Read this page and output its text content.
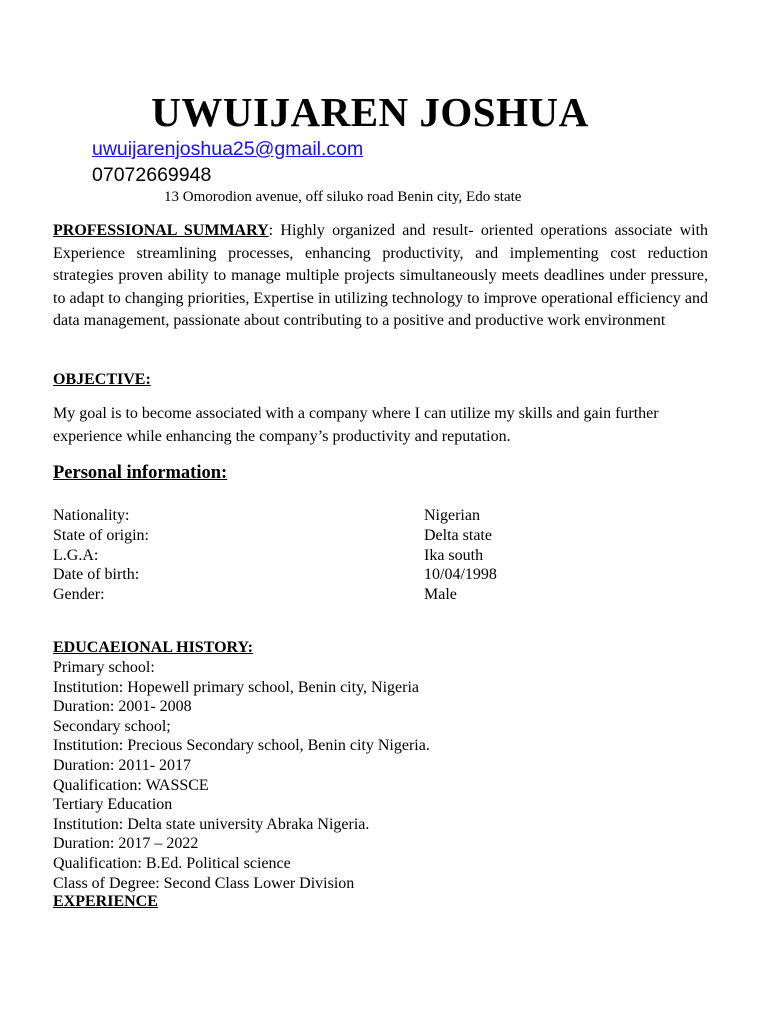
UWUIJAREN JOSHUA
uwuijarenjoshua25@gmail.com
07072669948
13 Omorodion avenue, off siluko road Benin city, Edo state
PROFESSIONAL SUMMARY: Highly organized and result- oriented operations associate with Experience streamlining processes, enhancing productivity, and implementing cost reduction strategies proven ability to manage multiple projects simultaneously meets deadlines under pressure, to adapt to changing priorities, Expertise in utilizing technology to improve operational efficiency and data management, passionate about contributing to a positive and productive work environment
OBJECTIVE:
My goal is to become associated with a company where I can utilize my skills and gain further experience while enhancing the company’s productivity and reputation.
Personal information:
Nationality:	Nigerian
State of origin:	Delta state
L.G.A:	Ika south
Date of birth:	10/04/1998
Gender:	Male
EDUCAEIONAL HISTORY:
Primary school:
Institution: Hopewell primary school, Benin city, Nigeria
Duration: 2001- 2008
Secondary school;
Institution: Precious Secondary school, Benin city Nigeria.
Duration: 2011- 2017
Qualification: WASSCE
Tertiary Education
Institution: Delta state university Abraka Nigeria.
Duration: 2017 – 2022
Qualification: B.Ed. Political science
Class of Degree: Second Class Lower Division
EXPERIENCE
